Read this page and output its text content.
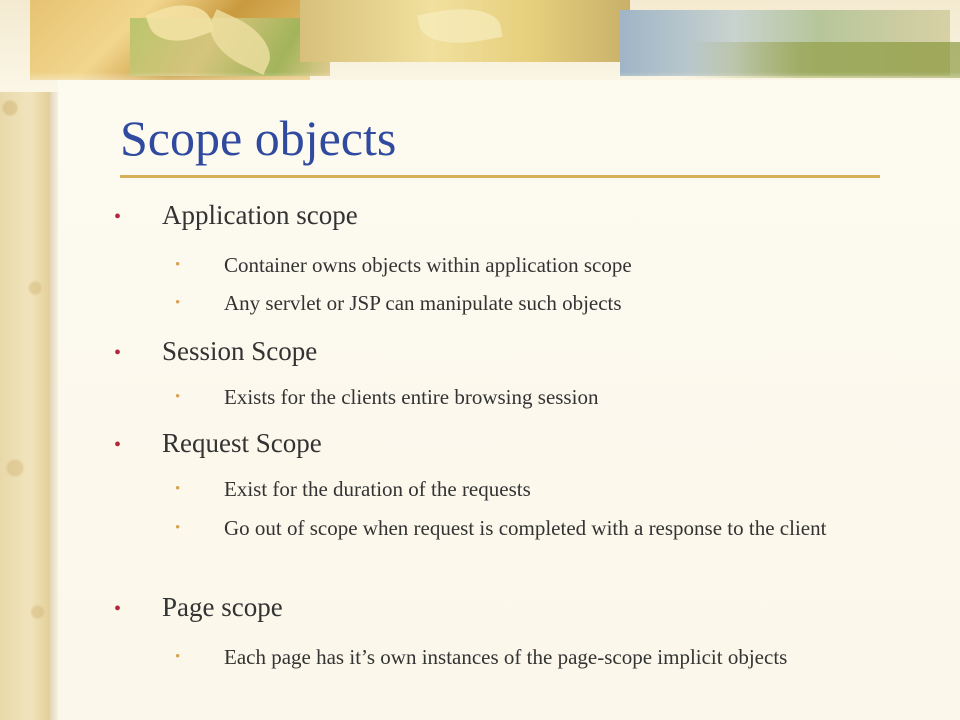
Scope objects
• Application scope
• Container owns objects within application scope
• Any servlet or JSP can manipulate such objects
• Session Scope
• Exists for the clients entire browsing session
• Request Scope
• Exist for the duration of the requests
• Go out of scope when request is completed with a response to the client
• Page scope
• Each page has it’s own instances of the page-scope implicit objects
